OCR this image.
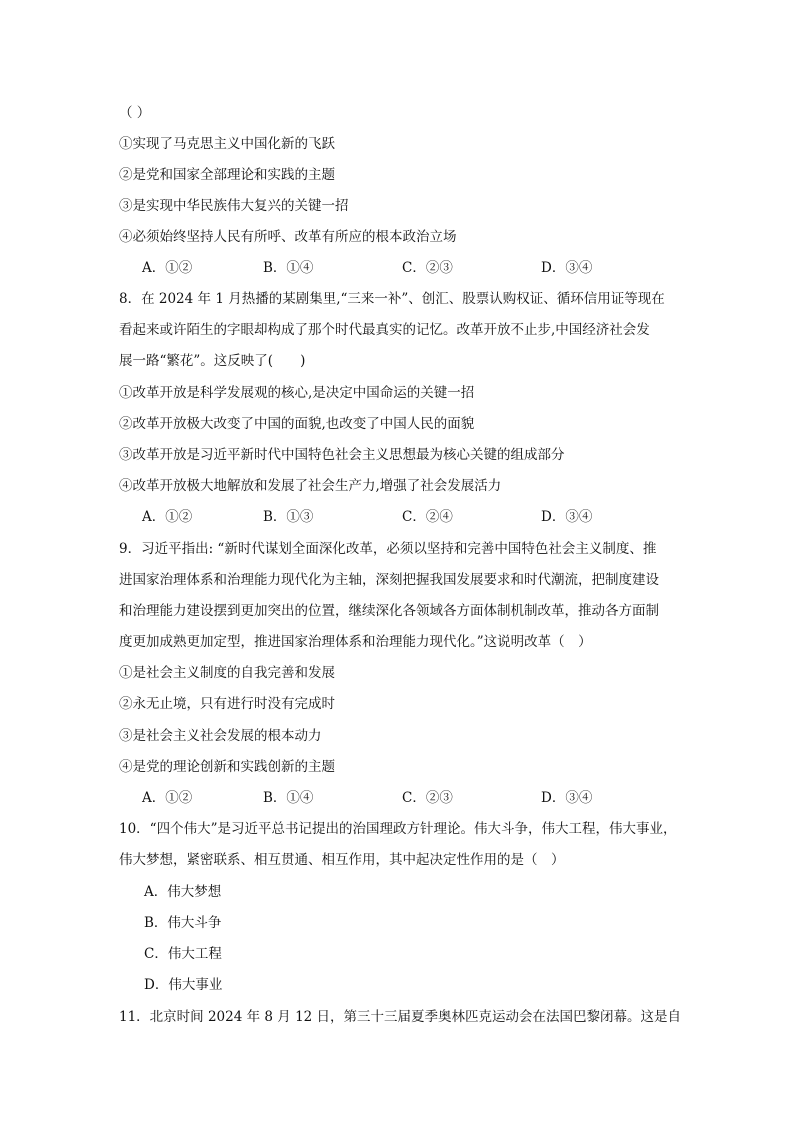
（ ）
①实现了马克思主义中国化新的飞跃
②是党和国家全部理论和实践的主题
③是实现中华民族伟大复兴的关键一招
④必须始终坚持人民有所呼、改革有所应的根本政治立场
A．①②	B．①④	C．②③	D．③④
8．在 2024 年 1 月热播的某剧集里,“三来一补”、创汇、股票认购权证、循环信用证等现在
看起来或许陌生的字眼却构成了那个时代最真实的记忆。改革开放不止步,中国经济社会发
展一路“繁花”。这反映了(　　)
①改革开放是科学发展观的核心,是决定中国命运的关键一招
②改革开放极大改变了中国的面貌,也改变了中国人民的面貌
③改革开放是习近平新时代中国特色社会主义思想最为核心关键的组成部分
④改革开放极大地解放和发展了社会生产力,增强了社会发展活力
A．①②	B．①③	C．②④	D．③④
9．习近平指出: “新时代谋划全面深化改革，必须以坚持和完善中国特色社会主义制度、推
进国家治理体系和治理能力现代化为主轴，深刻把握我国发展要求和时代潮流，把制度建设
和治理能力建设摆到更加突出的位置，继续深化各领域各方面体制机制改革，推动各方面制
度更加成熟更加定型，推进国家治理体系和治理能力现代化。”这说明改革（　）
①是社会主义制度的自我完善和发展
②永无止境，只有进行时没有完成时
③是社会主义社会发展的根本动力
④是党的理论创新和实践创新的主题
A．①②	B．①④	C．②③	D．③④
10．“四个伟大”是习近平总书记提出的治国理政方针理论。伟大斗争，伟大工程，伟大事业，
伟大梦想，紧密联系、相互贯通、相互作用，其中起决定性作用的是（　）
A．伟大梦想
B．伟大斗争
C．伟大工程
D．伟大事业
11．北京时间 2024 年 8 月 12 日，第三十三届夏季奥林匹克运动会在法国巴黎闭幕。这是自
